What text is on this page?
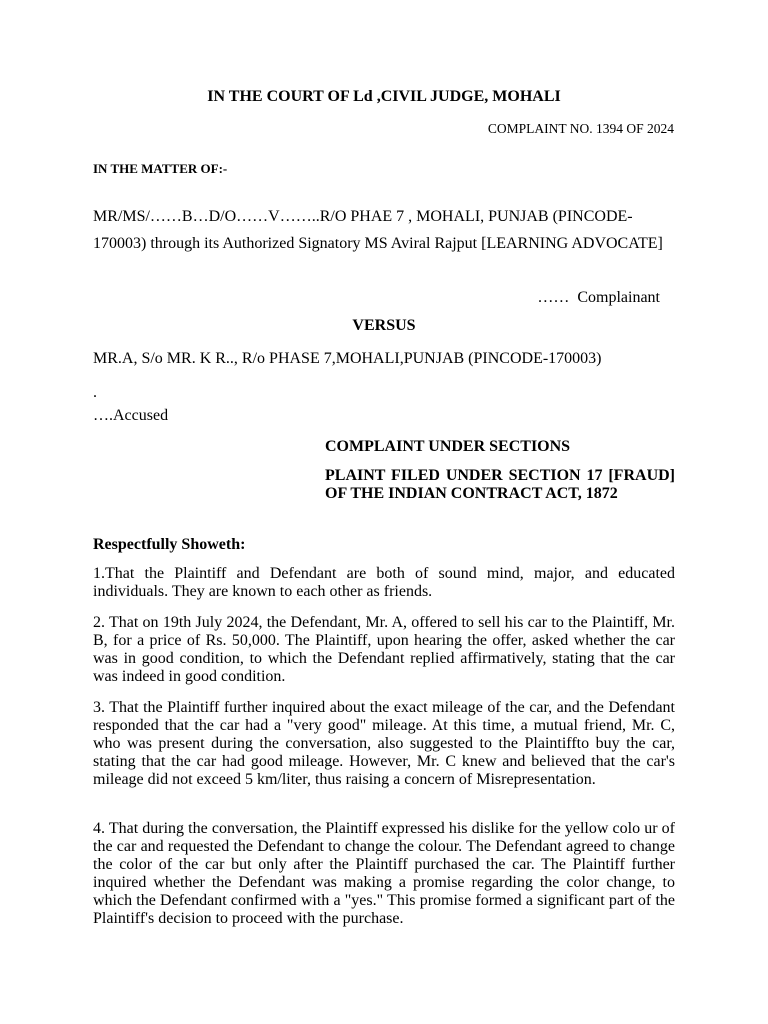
IN THE COURT OF Ld ,CIVIL JUDGE, MOHALI

COMPLAINT NO. 1394 OF 2024

IN THE MATTER OF:-

MR/MS/……B…D/O……V……..R/O PHAE 7 , MOHALI, PUNJAB (PINCODE-170003) through its Authorized Signatory MS Aviral Rajput [LEARNING ADVOCATE]

……  Complainant

VERSUS

MR.A, S/o MR. K R.., R/o PHASE 7,MOHALI,PUNJAB (PINCODE-170003)

.

….Accused

COMPLAINT UNDER SECTIONS

PLAINT FILED UNDER SECTION 17 [FRAUD] OF THE INDIAN CONTRACT ACT, 1872

Respectfully Showeth:

1.That the Plaintiff and Defendant are both of sound mind, major, and educated individuals. They are known to each other as friends.

2. That on 19th July 2024, the Defendant, Mr. A, offered to sell his car to the Plaintiff, Mr. B, for a price of Rs. 50,000. The Plaintiff, upon hearing the offer, asked whether the car was in good condition, to which the Defendant replied affirmatively, stating that the car was indeed in good condition.

3. That the Plaintiff further inquired about the exact mileage of the car, and the Defendant responded that the car had a "very good" mileage. At this time, a mutual friend, Mr. C, who was present during the conversation, also suggested to the Plaintiffto buy the car, stating that the car had good mileage. However, Mr. C knew and believed that the car's mileage did not exceed 5 km/liter, thus raising a concern of Misrepresentation.

4. That during the conversation, the Plaintiff expressed his dislike for the yellow colo ur of the car and requested the Defendant to change the colour. The Defendant agreed to change the color of the car but only after the Plaintiff purchased the car. The Plaintiff further inquired whether the Defendant was making a promise regarding the color change, to which the Defendant confirmed with a "yes." This promise formed a significant part of the Plaintiff's decision to proceed with the purchase.
